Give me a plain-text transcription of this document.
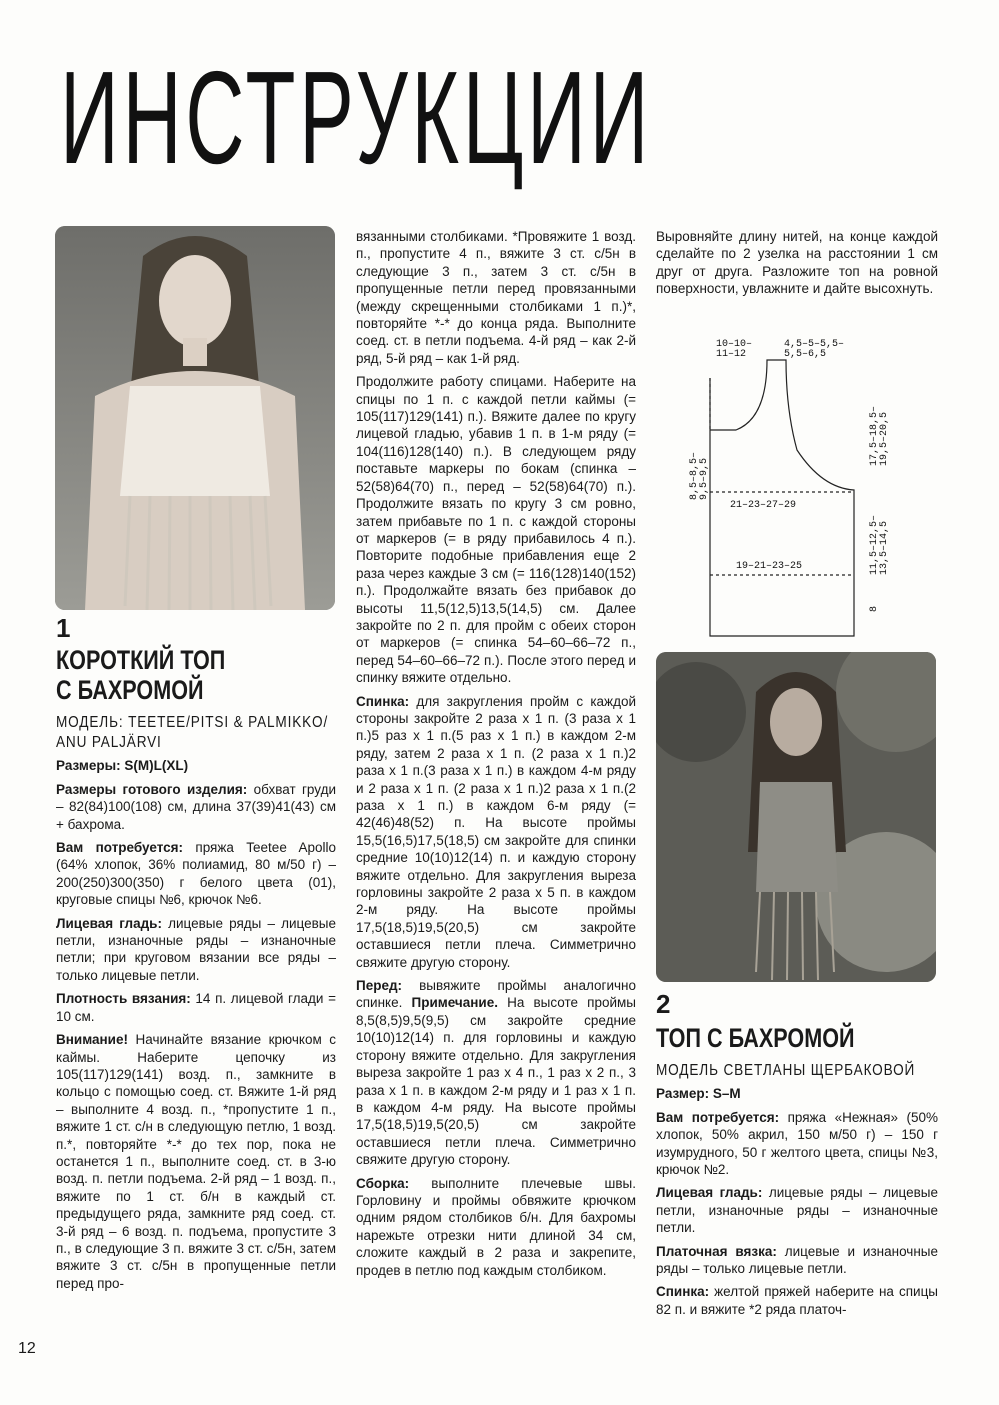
ИНСТРУКЦИИ
1
КОРОТКИЙ ТОП
С БАХРОМОЙ
МОДЕЛЬ: TEETEE/PITSI & PALMIKKO/
ANU PALJÄRVI

Размеры: S(M)L(XL)

Размеры готового изделия: обхват груди – 82(84)100(108) см, длина 37(39)41(43) см + бахрома.

Вам потребуется: пряжа Teetee Apollo (64% хлопок, 36% полиамид, 80 м/50 г) – 200(250)300(350) г белого цвета (01), круговые спицы №6, крючок №6.

Лицевая гладь: лицевые ряды – лицевые петли, изнаночные ряды – изнаночные петли; при круговом вязании все ряды – только лицевые петли.

Плотность вязания: 14 п. лицевой глади = 10 см.

Внимание! Начинайте вязание крючком с каймы. Наберите цепочку из 105(117)129(141) возд. п., замкните в кольцо с помощью соед. ст. Вяжите 1-й ряд – выполните 4 возд. п., *пропустите 1 п., вяжите 1 ст. с/н в следующую петлю, 1 возд. п.*, повторяйте *-* до тех пор, пока не останется 1 п., выполните соед. ст. в 3-ю возд. п. петли подъема. 2-й ряд – 1 возд. п., вяжите по 1 ст. б/н в каждый ст. предыдущего ряда, замкните ряд соед. ст. 3-й ряд – 6 возд. п. подъема, пропустите 3 п., в следующие 3 п. вяжите 3 ст. с/5н, затем вяжите 3 ст. с/5н в пропущенные петли перед про-

вязанными столбиками. *Провяжите 1 возд. п., пропустите 4 п., вяжите 3 ст. с/5н в следующие 3 п., затем 3 ст. с/5н в пропущенные петли перед провязанными (между скрещенными столбиками 1 п.)*, повторяйте *-* до конца ряда. Выполните соед. ст. в петли подъема. 4-й ряд – как 2-й ряд, 5-й ряд – как 1-й ряд.

Продолжите работу спицами. Наберите на спицы по 1 п. с каждой петли каймы (= 105(117)129(141) п.). Вяжите далее по кругу лицевой гладью, убавив 1 п. в 1-м ряду (= 104(116)128(140) п.). В следующем ряду поставьте маркеры по бокам (спинка – 52(58)64(70) п., перед – 52(58)64(70) п.). Продолжите вязать по кругу 3 см ровно, затем прибавьте по 1 п. с каждой стороны от маркеров (= в ряду прибавилось 4 п.). Повторите подобные прибавления еще 2 раза через каждые 3 см (= 116(128)140(152) п.). Продолжайте вязать без прибавок до высоты 11,5(12,5)13,5(14,5) см. Далее закройте по 2 п. для пройм с обеих сторон от маркеров (= спинка 54–60–66–72 п., перед 54–60–66–72 п.). После этого перед и спинку вяжите отдельно.

Спинка: для закругления пройм с каждой стороны закройте 2 раза х 1 п. (3 раза х 1 п.)5 раз х 1 п.(5 раз х 1 п.) в каждом 2-м ряду, затем 2 раза х 1 п. (2 раза х 1 п.)2 раза х 1 п.(3 раза х 1 п.) в каждом 4-м ряду и 2 раза х 1 п. (2 раза х 1 п.)2 раза х 1 п.(2 раза х 1 п.) в каждом 6-м ряду (= 42(46)48(52) п. На высоте проймы 15,5(16,5)17,5(18,5) см закройте для спинки средние 10(10)12(14) п. и каждую сторону вяжите отдельно. Для закругления выреза горловины закройте 2 раза х 5 п. в каждом 2-м ряду. На высоте проймы 17,5(18,5)19,5(20,5) см закройте оставшиеся петли плеча. Симметрично свяжите другую сторону.

Перед: вывяжите проймы аналогично спинке. Примечание. На высоте проймы 8,5(8,5)9,5(9,5) см закройте средние 10(10)12(14) п. для горловины и каждую сторону вяжите отдельно. Для закругления выреза закройте 1 раз х 4 п., 1 раз х 2 п., 3 раза х 1 п. в каждом 2-м ряду и 1 раз х 1 п. в каждом 4-м ряду. На высоте проймы 17,5(18,5)19,5(20,5) см закройте оставшиеся петли плеча. Симметрично свяжите другую сторону.

Сборка: выполните плечевые швы. Горловину и проймы обвяжите крючком одним рядом столбиков б/н. Для бахромы нарежьте отрезки нити длиной 34 см, сложите каждый в 2 раза и закрепите, продев в петлю под каждым столбиком.

Выровняйте длину нитей, на конце каждой сделайте по 2 узелка на расстоянии 1 см друг от друга. Разложите топ на ровной поверхности, увлажните и дайте высохнуть.

10–10–
11–12
4,5–5–5,5–
5,5–6,5
17,5–18,5– 19,5–20,5
8,5–8,5– 9,5–9,5
21–23–27–29
11,5–12,5– 13,5–14,5
19–21–23–25
8
2
ТОП С БАХРОМОЙ
МОДЕЛЬ СВЕТЛАНЫ ЩЕРБАКОВОЙ

Размер: S–M

Вам потребуется: пряжа «Нежная» (50% хлопок, 50% акрил, 150 м/50 г) – 150 г изумрудного, 50 г желтого цвета, спицы №3, крючок №2.

Лицевая гладь: лицевые ряды – лицевые петли, изнаночные ряды – изнаночные петли.

Платочная вязка: лицевые и изнаночные ряды – только лицевые петли.

Спинка: желтой пряжей наберите на спицы 82 п. и вяжите *2 ряда платоч-

12
